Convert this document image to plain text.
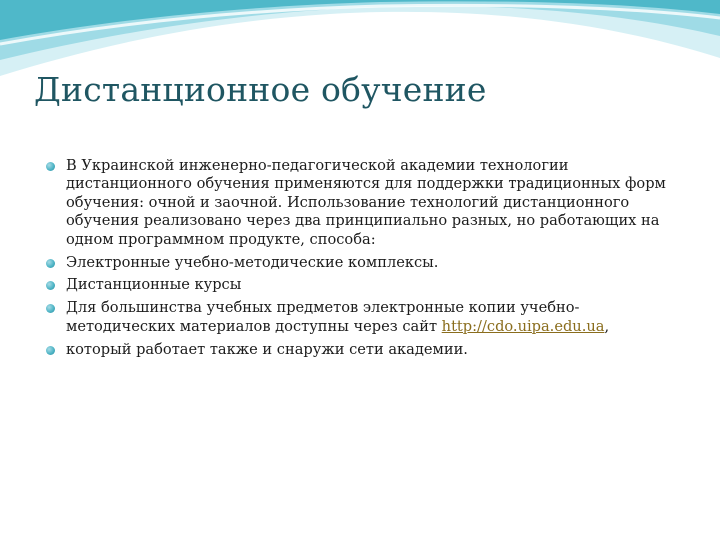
Дистанционное обучение
В Украинской инженерно-педагогической академии технологии дистанционного обучения применяются для поддержки традиционных форм обучения: очной и заочной. Использование технологий дистанционного обучения реализовано через два принципиально разных, но работающих на одном программном продукте, способа:
Электронные учебно-методические комплексы.
Дистанционные курсы
Для большинства учебных предметов электронные копии учебно-методических материалов доступны через сайт http://cdo.uipa.edu.ua,
который работает также и снаружи сети академии.
